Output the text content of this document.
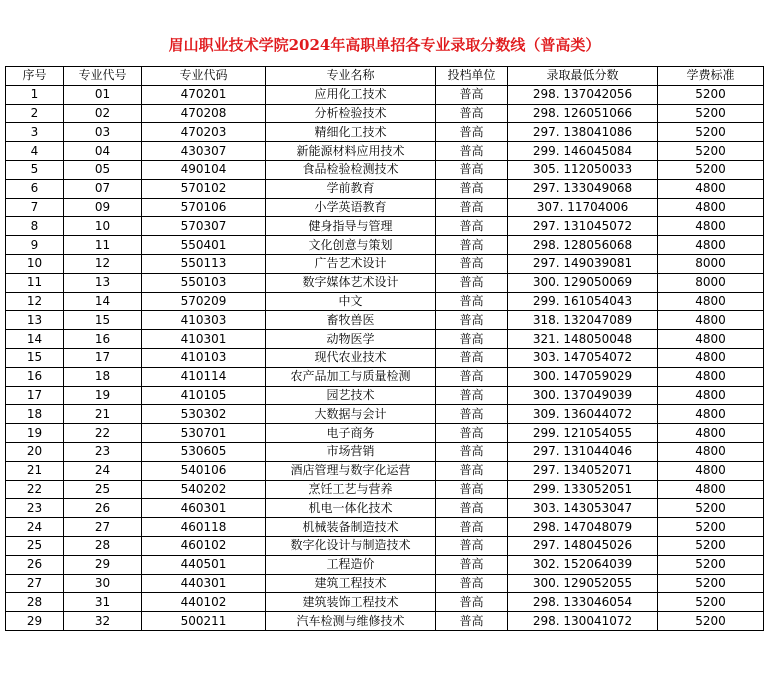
眉山职业技术学院2024年高职单招各专业录取分数线（普高类）
序号	专业代号	专业代码	专业名称	投档单位	录取最低分数	学费标准
1	01	470201	应用化工技术	普高	298. 137042056	5200
2	02	470208	分析检验技术	普高	298. 126051066	5200
3	03	470203	精细化工技术	普高	297. 138041086	5200
4	04	430307	新能源材料应用技术	普高	299. 146045084	5200
5	05	490104	食品检验检测技术	普高	305. 112050033	5200
6	07	570102	学前教育	普高	297. 133049068	4800
7	09	570106	小学英语教育	普高	307. 11704006	4800
8	10	570307	健身指导与管理	普高	297. 131045072	4800
9	11	550401	文化创意与策划	普高	298. 128056068	4800
10	12	550113	广告艺术设计	普高	297. 149039081	8000
11	13	550103	数字媒体艺术设计	普高	300. 129050069	8000
12	14	570209	中文	普高	299. 161054043	4800
13	15	410303	畜牧兽医	普高	318. 132047089	4800
14	16	410301	动物医学	普高	321. 148050048	4800
15	17	410103	现代农业技术	普高	303. 147054072	4800
16	18	410114	农产品加工与质量检测	普高	300. 147059029	4800
17	19	410105	园艺技术	普高	300. 137049039	4800
18	21	530302	大数据与会计	普高	309. 136044072	4800
19	22	530701	电子商务	普高	299. 121054055	4800
20	23	530605	市场营销	普高	297. 131044046	4800
21	24	540106	酒店管理与数字化运营	普高	297. 134052071	4800
22	25	540202	烹饪工艺与营养	普高	299. 133052051	4800
23	26	460301	机电一体化技术	普高	303. 143053047	5200
24	27	460118	机械装备制造技术	普高	298. 147048079	5200
25	28	460102	数字化设计与制造技术	普高	297. 148045026	5200
26	29	440501	工程造价	普高	302. 152064039	5200
27	30	440301	建筑工程技术	普高	300. 129052055	5200
28	31	440102	建筑装饰工程技术	普高	298. 133046054	5200
29	32	500211	汽车检测与维修技术	普高	298. 130041072	5200
